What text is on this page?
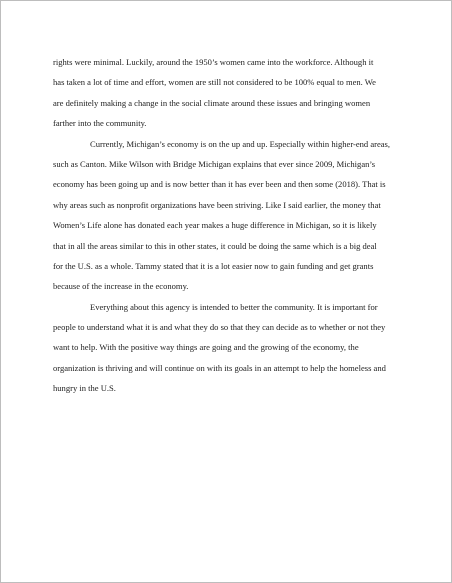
rights were minimal. Luckily, around the 1950’s women came into the workforce. Although it
has taken a lot of time and effort, women are still not considered to be 100% equal to men. We
are definitely making a change in the social climate around these issues and bringing women
farther into the community.
Currently, Michigan’s economy is on the up and up. Especially within higher-end areas,
such as Canton. Mike Wilson with Bridge Michigan explains that ever since 2009, Michigan’s
economy has been going up and is now better than it has ever been and then some (2018). That is
why areas such as nonprofit organizations have been striving. Like I said earlier, the money that
Women’s Life alone has donated each year makes a huge difference in Michigan, so it is likely
that in all the areas similar to this in other states, it could be doing the same which is a big deal
for the U.S. as a whole. Tammy stated that it is a lot easier now to gain funding and get grants
because of the increase in the economy.
Everything about this agency is intended to better the community. It is important for
people to understand what it is and what they do so that they can decide as to whether or not they
want to help. With the positive way things are going and the growing of the economy, the
organization is thriving and will continue on with its goals in an attempt to help the homeless and
hungry in the U.S.
